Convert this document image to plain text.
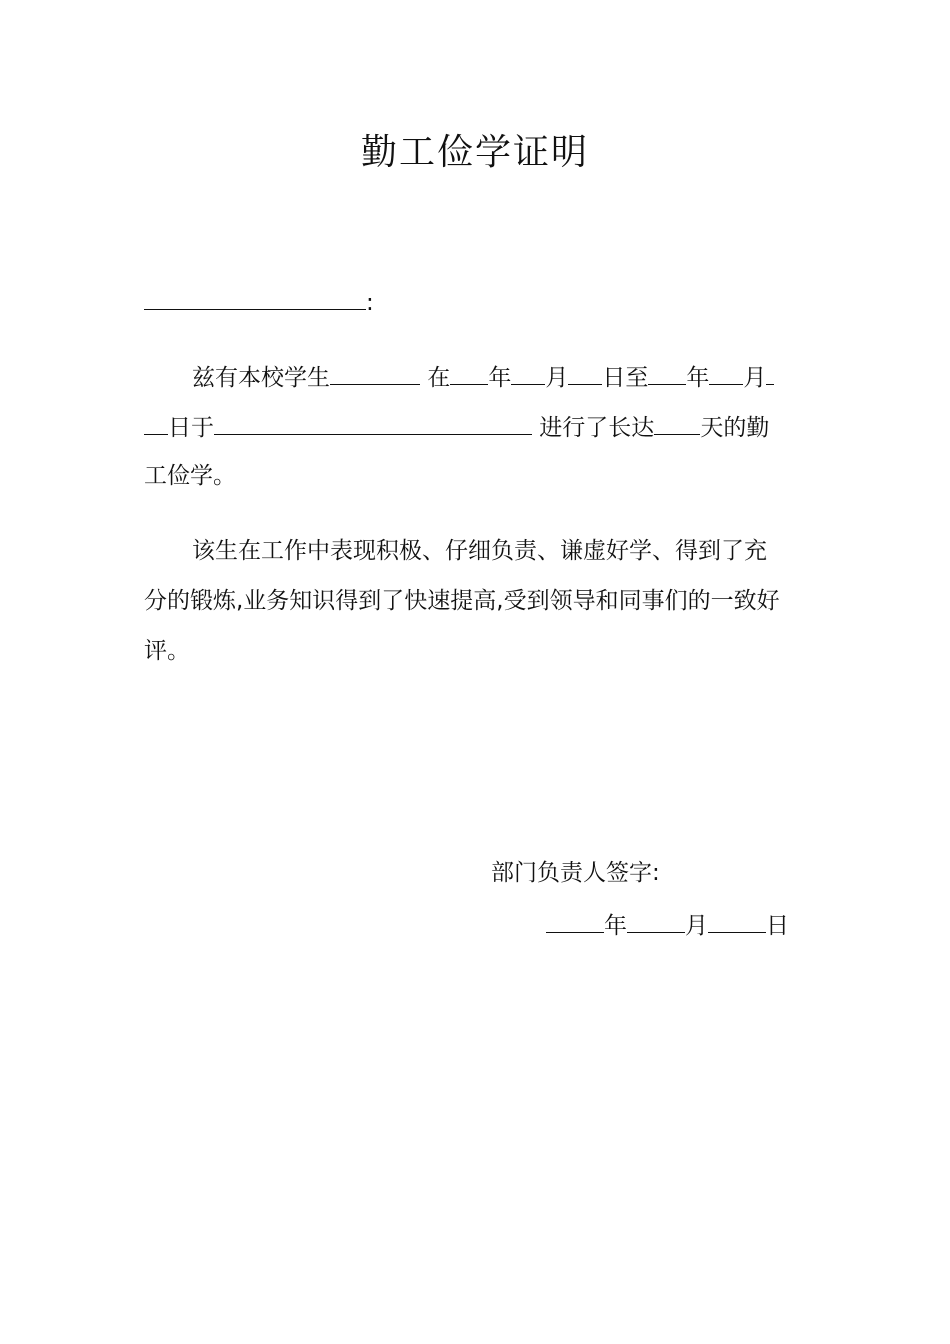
勤工俭学证明
:
兹有本校学生	在 年 月 日至 年 月
日于	进行了长达 天的勤
工俭学。
该生在工作中表现积极、仔细负责、谦虚好学、得到了充
分的锻炼,业务知识得到了快速提高,受到领导和同事们的一致好
评。
部门负责人签字:
年	月	日
